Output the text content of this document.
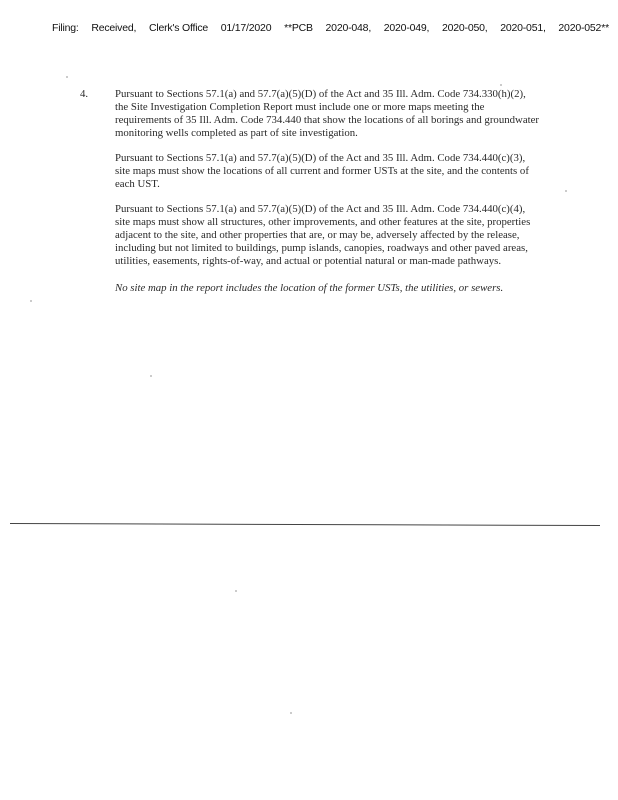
Filing: Received, Clerk's Office 01/17/2020 **PCB 2020-048, 2020-049, 2020-050, 2020-051, 2020-052**
4. Pursuant to Sections 57.1(a) and 57.7(a)(5)(D) of the Act and 35 Ill. Adm. Code 734.330(h)(2), the Site Investigation Completion Report must include one or more maps meeting the requirements of 35 Ill. Adm. Code 734.440 that show the locations of all borings and groundwater monitoring wells completed as part of site investigation.

Pursuant to Sections 57.1(a) and 57.7(a)(5)(D) of the Act and 35 Ill. Adm. Code 734.440(c)(3), site maps must show the locations of all current and former USTs at the site, and the contents of each UST.

Pursuant to Sections 57.1(a) and 57.7(a)(5)(D) of the Act and 35 Ill. Adm. Code 734.440(c)(4), site maps must show all structures, other improvements, and other features at the site, properties adjacent to the site, and other properties that are, or may be, adversely affected by the release, including but not limited to buildings, pump islands, canopies, roadways and other paved areas, utilities, easements, rights-of-way, and actual or potential natural or man-made pathways.

No site map in the report includes the location of the former USTs, the utilities, or sewers.
